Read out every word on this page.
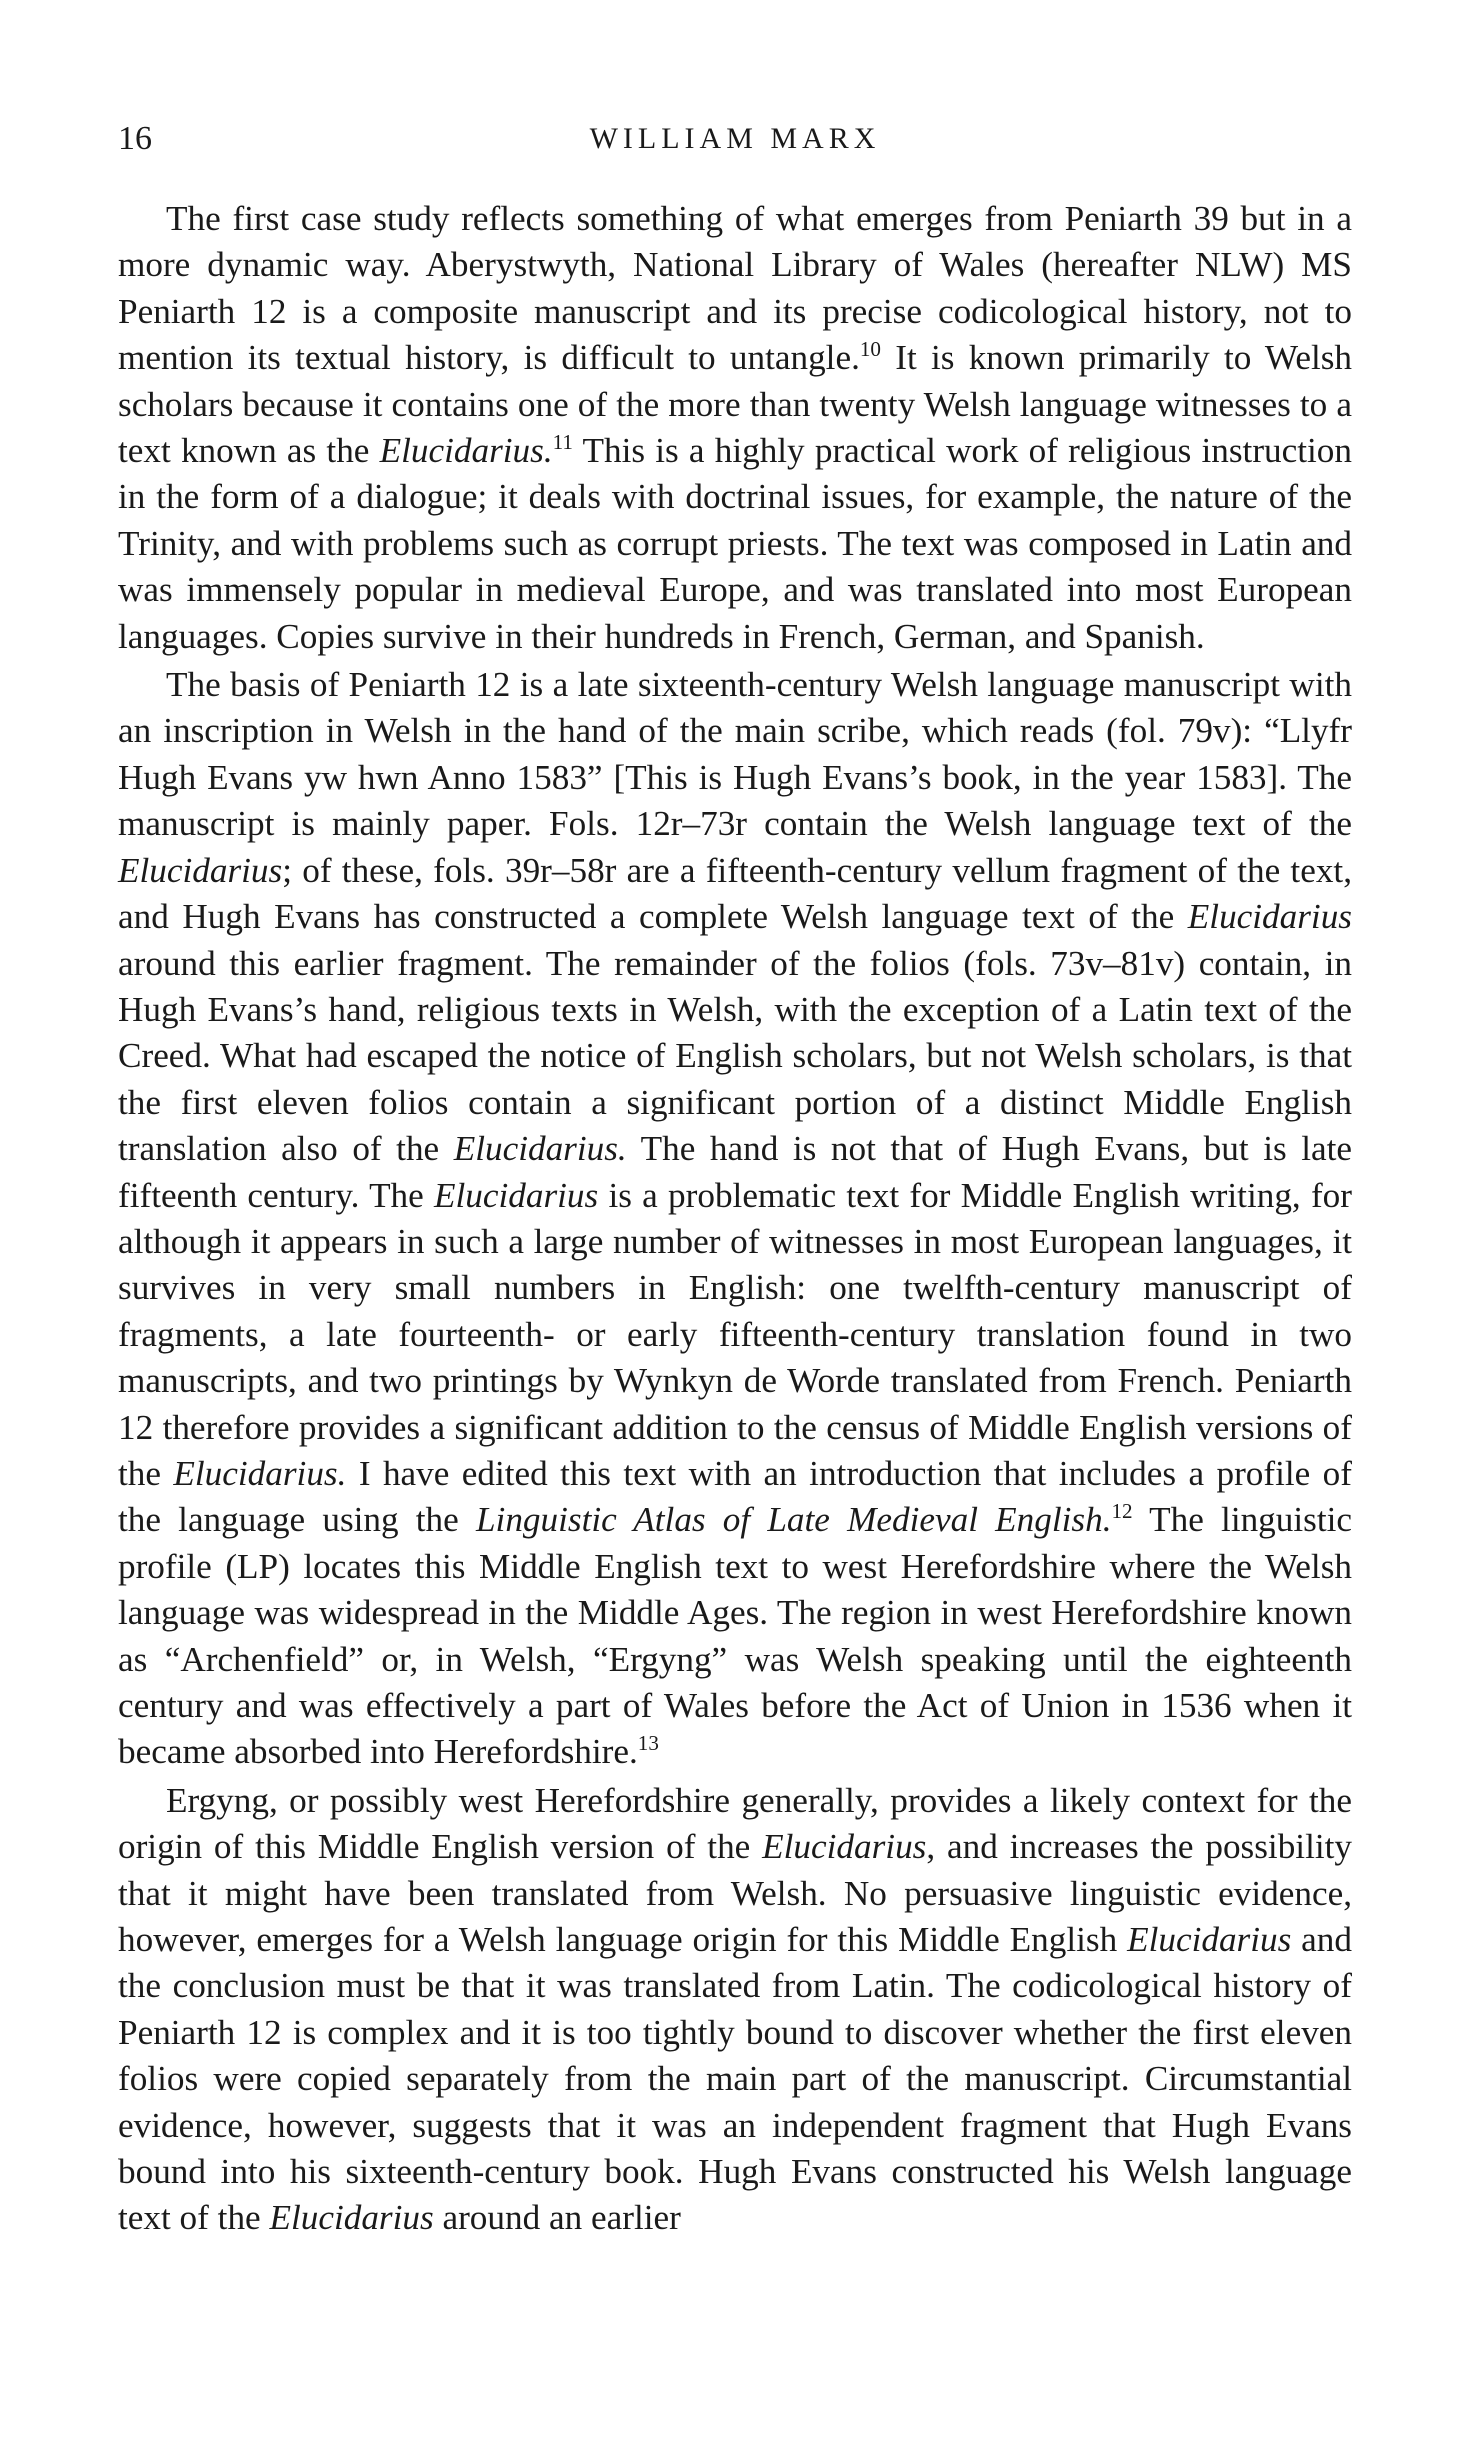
16	WILLIAM MARX

The first case study reflects something of what emerges from Peniarth 39 but in a more dynamic way. Aberystwyth, National Library of Wales (hereafter NLW) MS Peniarth 12 is a composite manuscript and its precise codicological history, not to mention its textual history, is difficult to untangle.$^{10}$ It is known primarily to Welsh scholars because it contains one of the more than twenty Welsh language witnesses to a text known as the Elucidarius.$^{11}$ This is a highly practical work of religious instruction in the form of a dialogue; it deals with doctrinal issues, for example, the nature of the Trinity, and with problems such as corrupt priests. The text was composed in Latin and was immensely popular in medieval Europe, and was translated into most European languages. Copies survive in their hundreds in French, German, and Spanish.

The basis of Peniarth 12 is a late sixteenth-century Welsh language manuscript with an inscription in Welsh in the hand of the main scribe, which reads (fol. 79v): “Llyfr Hugh Evans yw hwn Anno 1583” [This is Hugh Evans’s book, in the year 1583]. The manuscript is mainly paper. Fols. 12r–73r contain the Welsh language text of the Elucidarius; of these, fols. 39r–58r are a fifteenth-century vellum fragment of the text, and Hugh Evans has constructed a complete Welsh language text of the Elucidarius around this earlier fragment. The remainder of the folios (fols. 73v–81v) contain, in Hugh Evans’s hand, religious texts in Welsh, with the exception of a Latin text of the Creed. What had escaped the notice of English scholars, but not Welsh scholars, is that the first eleven folios contain a significant portion of a distinct Middle English translation also of the Elucidarius. The hand is not that of Hugh Evans, but is late fifteenth century. The Elucidarius is a problematic text for Middle English writing, for although it appears in such a large number of witnesses in most European languages, it survives in very small numbers in English: one twelfth-century manuscript of fragments, a late fourteenth- or early fifteenth-century translation found in two manuscripts, and two printings by Wynkyn de Worde translated from French. Peniarth 12 therefore provides a significant addition to the census of Middle English versions of the Elucidarius. I have edited this text with an introduction that includes a profile of the language using the Linguistic Atlas of Late Medieval English.$^{12}$ The linguistic profile (LP) locates this Middle English text to west Herefordshire where the Welsh language was widespread in the Middle Ages. The region in west Herefordshire known as “Archenfield” or, in Welsh, “Ergyng” was Welsh speaking until the eighteenth century and was effectively a part of Wales before the Act of Union in 1536 when it became absorbed into Herefordshire.$^{13}$

Ergyng, or possibly west Herefordshire generally, provides a likely context for the origin of this Middle English version of the Elucidarius, and increases the possibility that it might have been translated from Welsh. No persuasive linguistic evidence, however, emerges for a Welsh language origin for this Middle English Elucidarius and the conclusion must be that it was translated from Latin. The codicological history of Peniarth 12 is complex and it is too tightly bound to discover whether the first eleven folios were copied separately from the main part of the manuscript. Circumstantial evidence, however, suggests that it was an independent fragment that Hugh Evans bound into his sixteenth-century book. Hugh Evans constructed his Welsh language text of the Elucidarius around an earlier
